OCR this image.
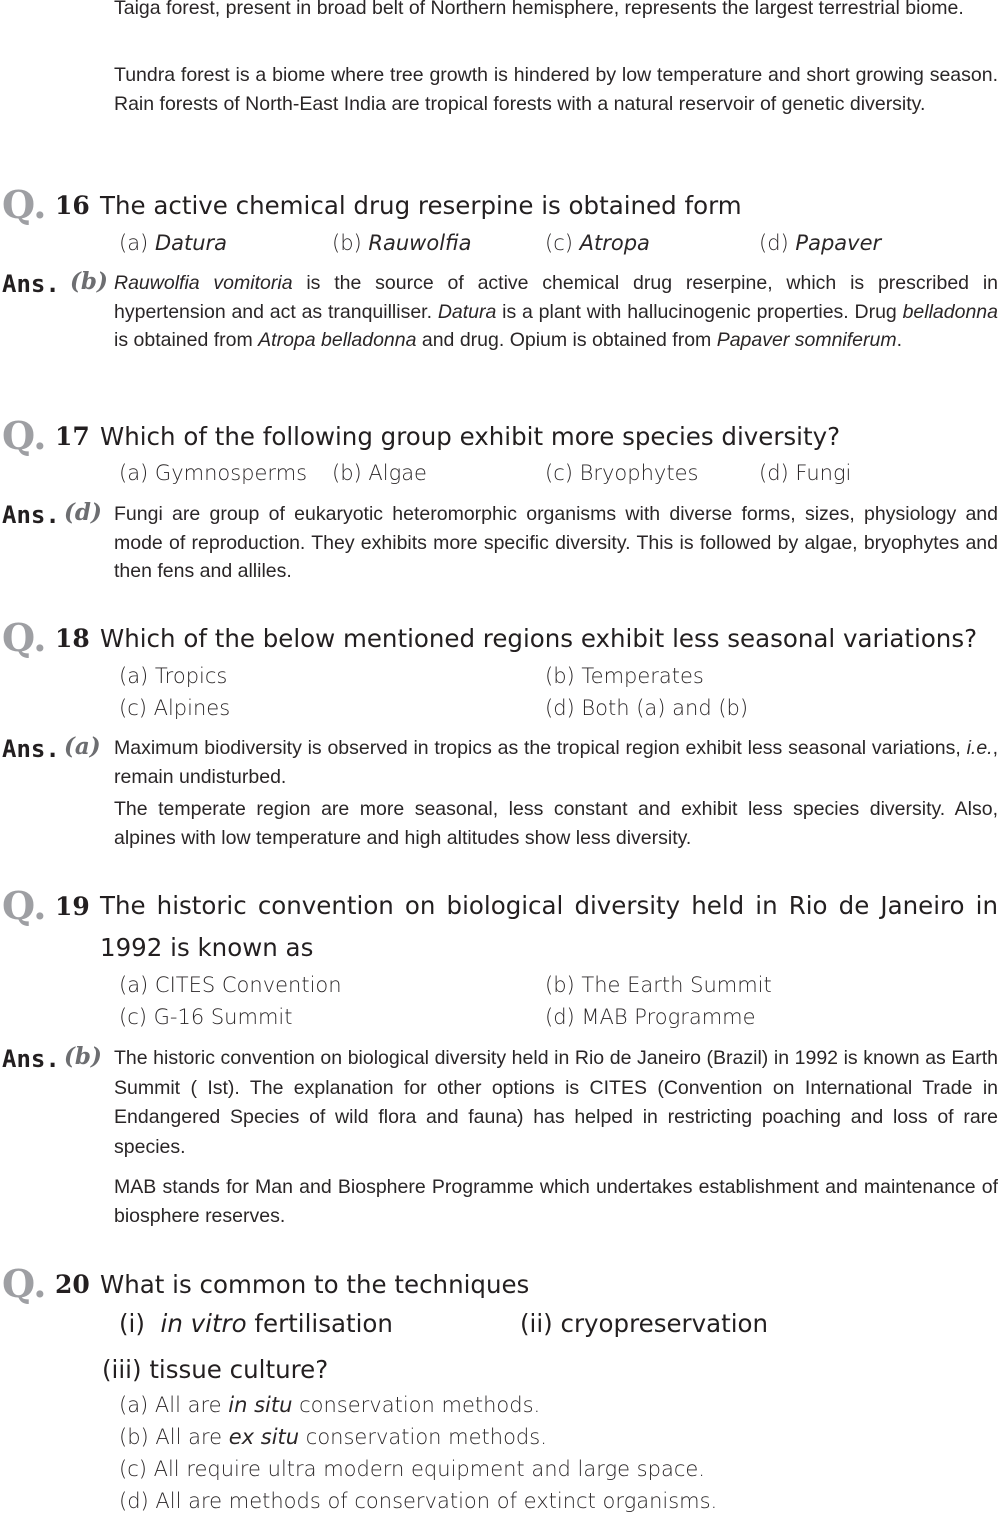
Taiga forest, present in broad belt of Northern hemisphere, represents the largest terrestrial biome.

Tundra forest is a biome where tree growth is hindered by low temperature and short growing season. Rain forests of North-East India are tropical forests with a natural reservoir of genetic diversity.

Q. 16 The active chemical drug reserpine is obtained form
(a) Datura	(b) Rauwolfia	(c) Atropa	(d) Papaver
Ans. (b) Rauwolfia vomitoria is the source of active chemical drug reserpine, which is prescribed in hypertension and act as tranquilliser. Datura is a plant with hallucinogenic properties. Drug belladonna is obtained from Atropa belladonna and drug. Opium is obtained from Papaver somniferum.

Q. 17 Which of the following group exhibit more species diversity?
(a) Gymnosperms (b) Algae	(c) Bryophytes	(d) Fungi
Ans. (d) Fungi are group of eukaryotic heteromorphic organisms with diverse forms, sizes, physiology and mode of reproduction. They exhibits more specific diversity. This is followed by algae, bryophytes and then fens and alliles.

Q. 18 Which of the below mentioned regions exhibit less seasonal variations?
(a) Tropics	(b) Temperates
(c) Alpines	(d) Both (a) and (b)
Ans. (a) Maximum biodiversity is observed in tropics as the tropical region exhibit less seasonal variations, i.e., remain undisturbed.

The temperate region are more seasonal, less constant and exhibit less species diversity. Also, alpines with low temperature and high altitudes show less diversity.

Q. 19 The historic convention on biological diversity held in Rio de Janeiro in 1992 is known as
(a) CITES Convention	(b) The Earth Summit
(c) G-16 Summit	(d) MAB Programme
Ans. (b) The historic convention on biological diversity held in Rio de Janeiro (Brazil) in 1992 is known as Earth Summit ( Ist). The explanation for other options is CITES (Convention on International Trade in Endangered Species of wild flora and fauna) has helped in restricting poaching and loss of rare species.

MAB stands for Man and Biosphere Programme which undertakes establishment and maintenance of biosphere reserves.

Q. 20 What is common to the techniques
(i) in vitro fertilisation	(ii) cryopreservation
(iii) tissue culture?
(a) All are in situ conservation methods.
(b) All are ex situ conservation methods.
(c) All require ultra modern equipment and large space.
(d) All are methods of conservation of extinct organisms.
